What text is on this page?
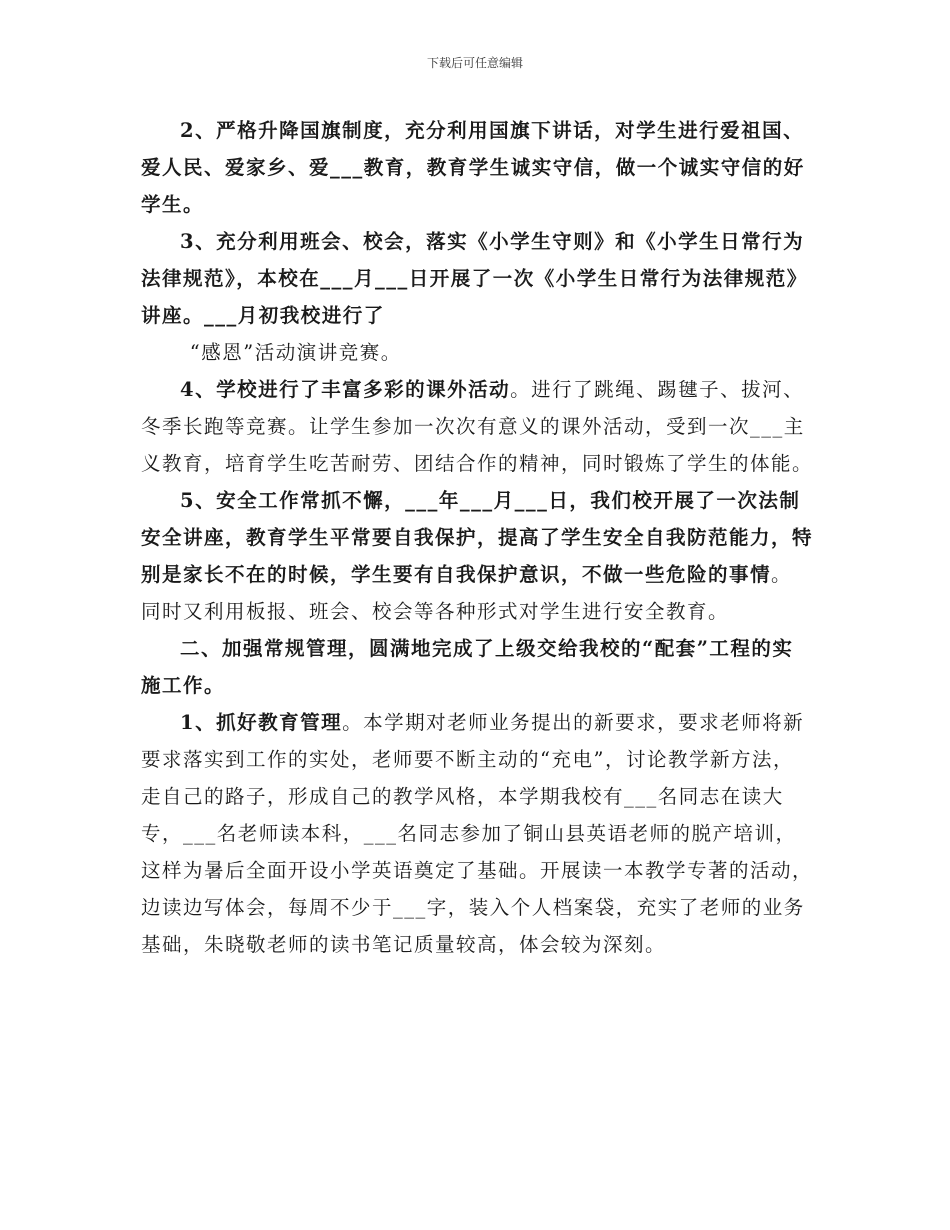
下载后可任意编辑

2、严格升降国旗制度，充分利用国旗下讲话，对学生进行爱祖国、爱人民、爱家乡、爱___教育，教育学生诚实守信，做一个诚实守信的好学生。

3、充分利用班会、校会，落实《小学生守则》和《小学生日常行为法律规范》，本校在___月___日开展了一次《小学生日常行为法律规范》讲座。___月初我校进行了

“感恩”活动演讲竞赛。

4、学校进行了丰富多彩的课外活动。进行了跳绳、踢毽子、拔河、冬季长跑等竞赛。让学生参加一次次有意义的课外活动，受到一次___主义教育，培育学生吃苦耐劳、团结合作的精神，同时锻炼了学生的体能。

5、安全工作常抓不懈，___年___月___日，我们校开展了一次法制安全讲座，教育学生平常要自我保护，提高了学生安全自我防范能力，特别是家长不在的时候，学生要有自我保护意识，不做一些危险的事情。同时又利用板报、班会、校会等各种形式对学生进行安全教育。

二、加强常规管理，圆满地完成了上级交给我校的“配套”工程的实施工作。

1、抓好教育管理。本学期对老师业务提出的新要求，要求老师将新要求落实到工作的实处，老师要不断主动的“充电”，讨论教学新方法，走自己的路子，形成自己的教学风格，本学期我校有___名同志在读大专，___名老师读本科，___名同志参加了铜山县英语老师的脱产培训，这样为暑后全面开设小学英语奠定了基础。开展读一本教学专著的活动，边读边写体会，每周不少于___字，装入个人档案袋，充实了老师的业务基础，朱晓敬老师的读书笔记质量较高，体会较为深刻。
